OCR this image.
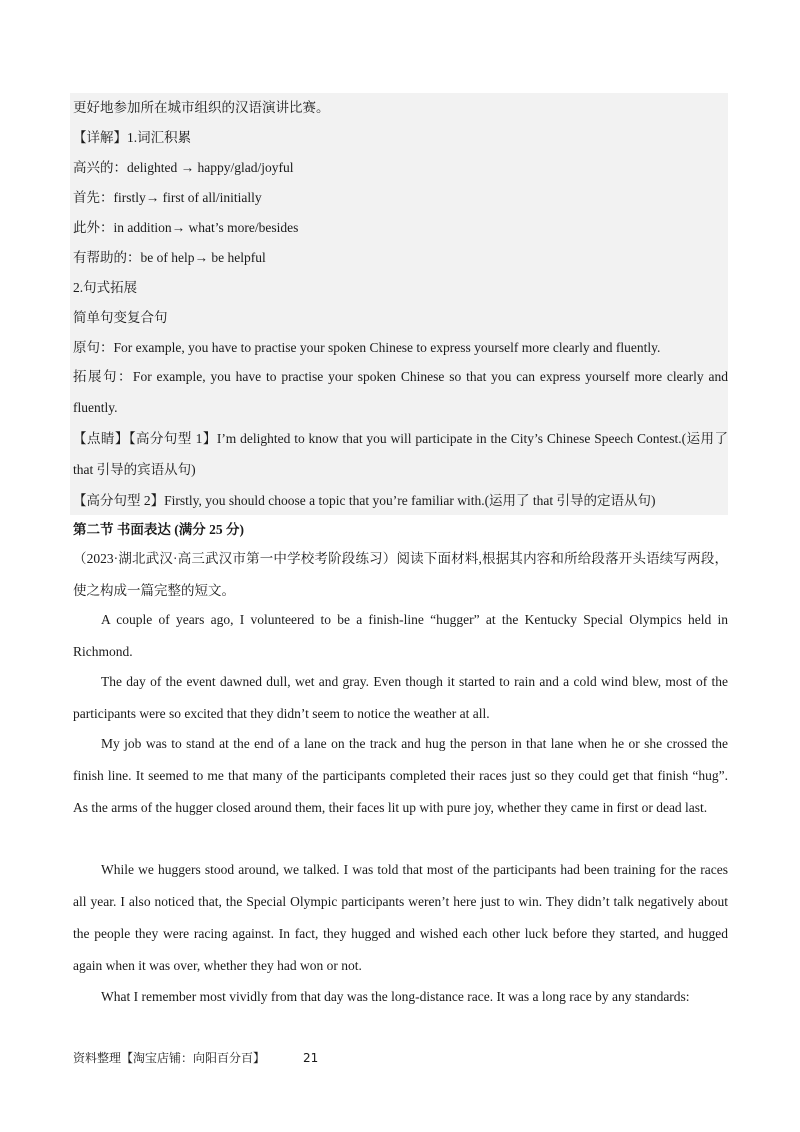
更好地参加所在城市组织的汉语演讲比赛。
【详解】1.词汇积累
高兴的：delighted → happy/glad/joyful
首先：firstly→ first of all/initially
此外：in addition→ what’s more/besides
有帮助的：be of help→ be helpful
2.句式拓展
简单句变复合句
原句：For example, you have to practise your spoken Chinese to express yourself more clearly and fluently.
拓展句：For example, you have to practise your spoken Chinese so that you can express yourself more clearly and fluently.
【点睛】【高分句型 1】I’m delighted to know that you will participate in the City’s Chinese Speech Contest.(运用了 that 引导的宾语从句)
【高分句型 2】Firstly, you should choose a topic that you’re familiar with.(运用了 that 引导的定语从句)
第二节 书面表达 (满分 25 分)
（2023·湖北武汉·高三武汉市第一中学校考阶段练习）阅读下面材料,根据其内容和所给段落开头语续写两段，使之构成一篇完整的短文。
A couple of years ago, I volunteered to be a finish-line “hugger” at the Kentucky Special Olympics held in Richmond.
The day of the event dawned dull, wet and gray. Even though it started to rain and a cold wind blew, most of the participants were so excited that they didn’t seem to notice the weather at all.
My job was to stand at the end of a lane on the track and hug the person in that lane when he or she crossed the finish line. It seemed to me that many of the participants completed their races just so they could get that finish “hug”. As the arms of the hugger closed around them, their faces lit up with pure joy, whether they came in first or dead last.
While we huggers stood around, we talked. I was told that most of the participants had been training for the races all year. I also noticed that, the Special Olympic participants weren’t here just to win. They didn’t talk negatively about the people they were racing against. In fact, they hugged and wished each other luck before they started, and hugged again when it was over, whether they had won or not.
What I remember most vividly from that day was the long-distance race. It was a long race by any standards:
资料整理【淘宝店铺：向阳百分百】	21
